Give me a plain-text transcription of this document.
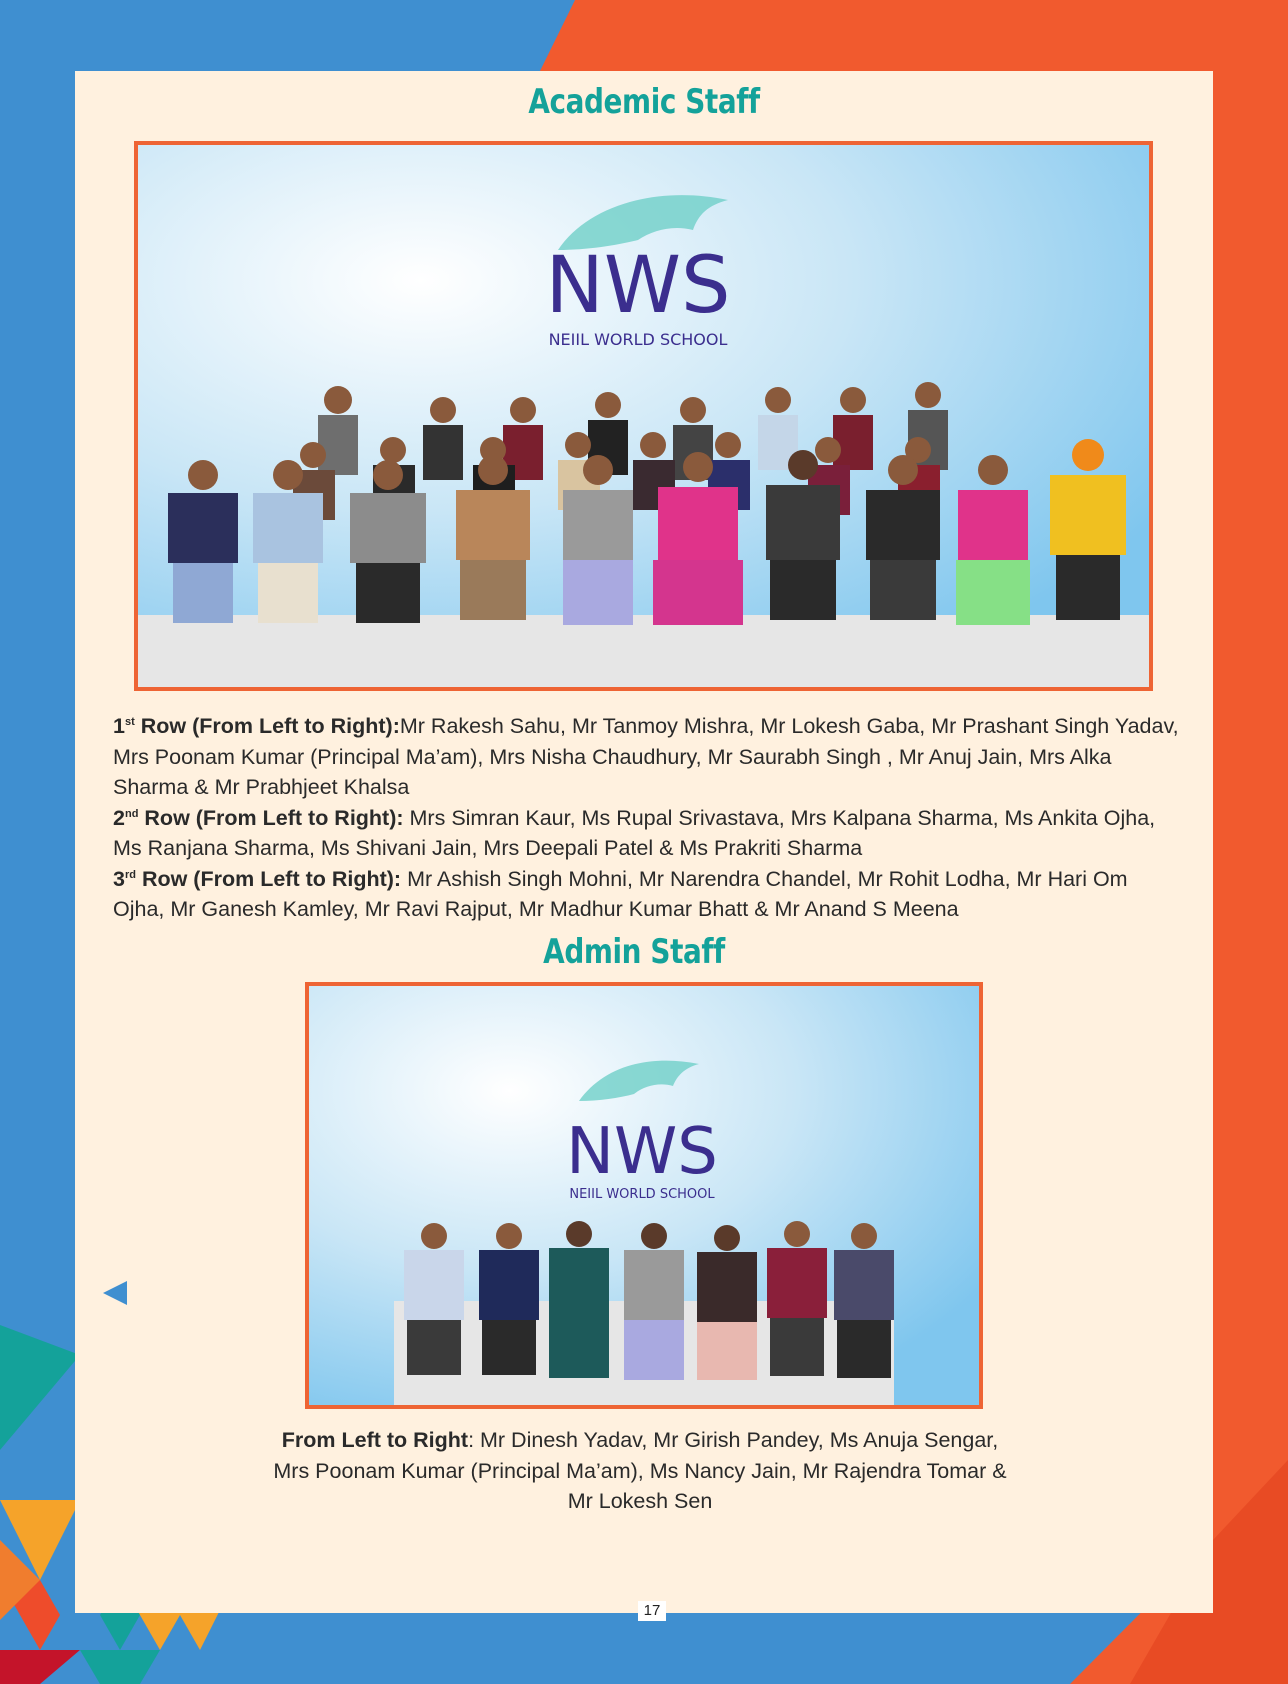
Academic Staff
NWS
NEIIL WORLD SCHOOL
1st Row (From Left to Right):Mr Rakesh Sahu, Mr Tanmoy Mishra, Mr Lokesh Gaba, Mr Prashant Singh Yadav, Mrs Poonam Kumar (Principal Ma’am), Mrs Nisha Chaudhury, Mr Saurabh Singh , Mr Anuj Jain, Mrs Alka Sharma & Mr Prabhjeet Khalsa
2nd Row (From Left to Right): Mrs Simran Kaur, Ms Rupal Srivastava, Mrs Kalpana Sharma, Ms Ankita Ojha, Ms Ranjana Sharma, Ms Shivani Jain, Mrs Deepali Patel & Ms Prakriti Sharma
3rd Row (From Left to Right): Mr Ashish Singh Mohni, Mr Narendra Chandel, Mr Rohit Lodha, Mr Hari Om Ojha, Mr Ganesh Kamley, Mr Ravi Rajput, Mr Madhur Kumar Bhatt & Mr Anand S Meena
Admin Staff
NWS
NEIIL WORLD SCHOOL
From Left to Right: Mr Dinesh Yadav, Mr Girish Pandey, Ms Anuja Sengar,
Mrs Poonam Kumar (Principal Ma’am), Ms Nancy Jain, Mr Rajendra Tomar &
Mr Lokesh Sen
17
